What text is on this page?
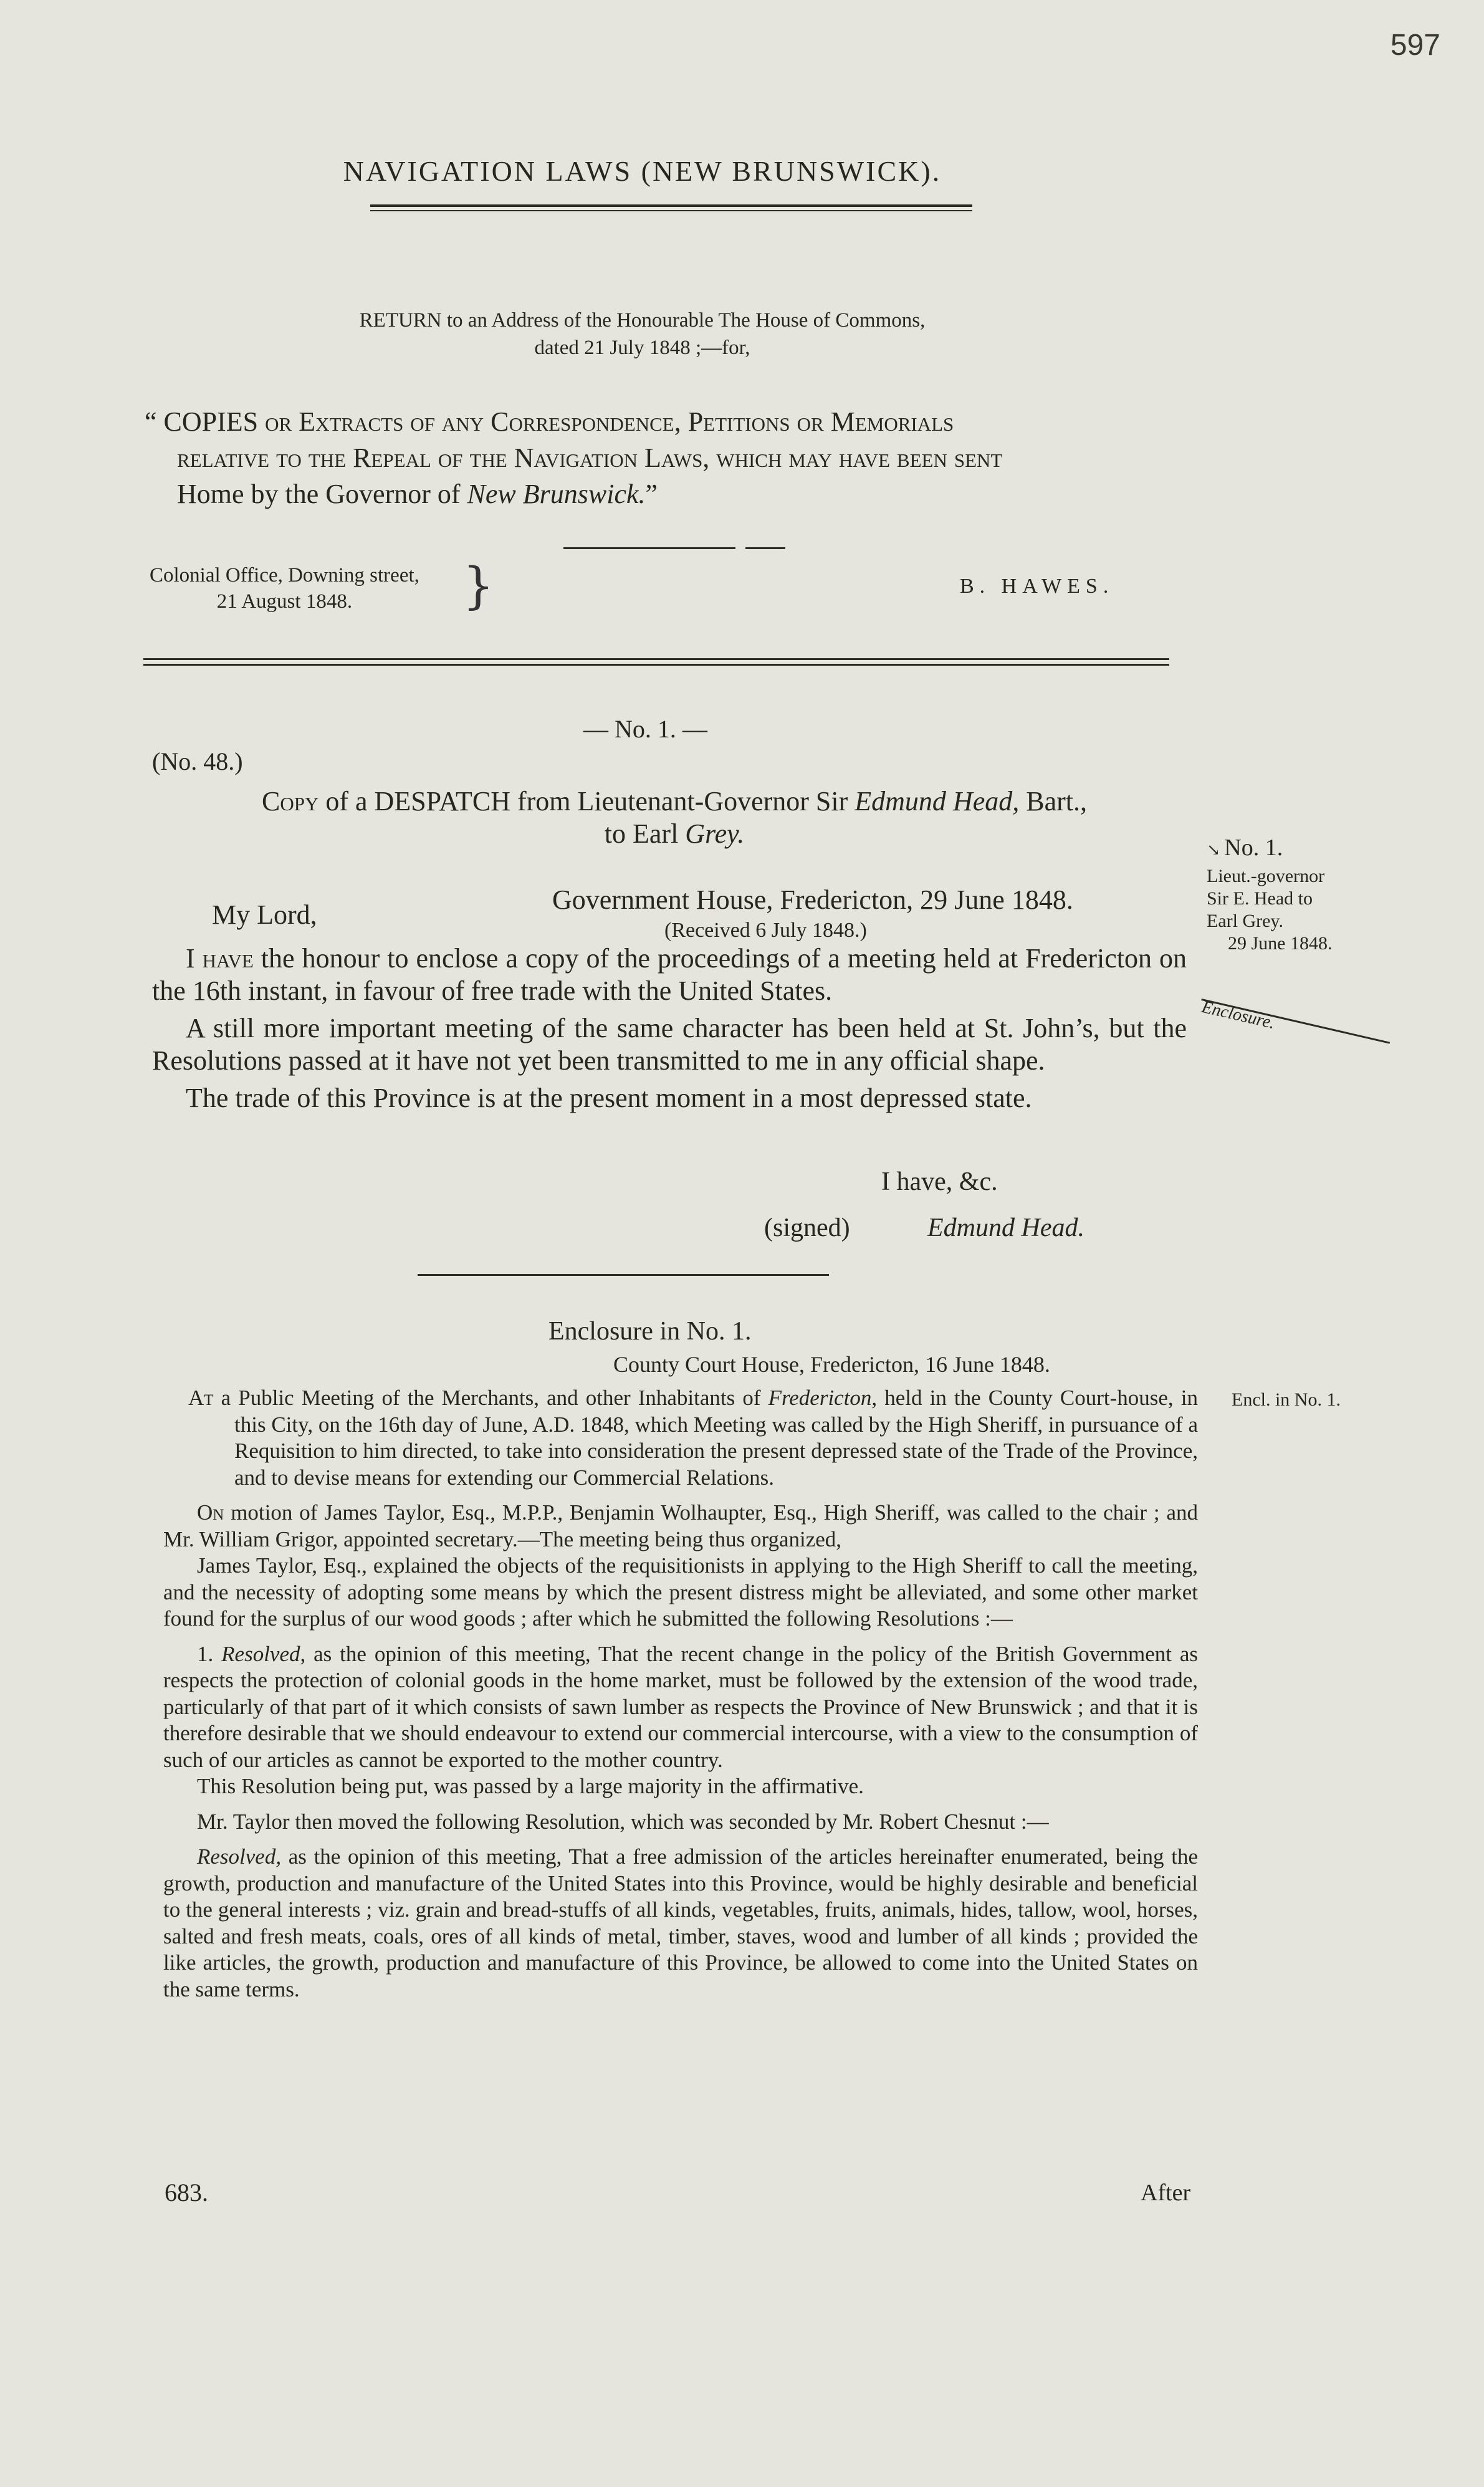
597
NAVIGATION LAWS (NEW BRUNSWICK).
RETURN to an Address of the Honourable The House of Commons,
dated 21 July 1848 ;—for,
“ COPIES or Extracts of any Correspondence, Petitions or Memorials
relative to the Repeal of the Navigation Laws, which may have been sent
Home by the Governor of New Brunswick.”
Colonial Office, Downing street,
21 August 1848.	}	B. HAWES.
— No. 1. —
(No. 48.)
Copy of a DESPATCH from Lieutenant-Governor Sir Edmund Head, Bart.,
to Earl Grey.
My Lord,	Government House, Fredericton, 29 June 1848.
(Received 6 July 1848.)

I have the honour to enclose a copy of the proceedings of a meeting held at Fredericton on the 16th instant, in favour of free trade with the United States.

A still more important meeting of the same character has been held at St. John’s, but the Resolutions passed at it have not yet been transmitted to me in any official shape.

The trade of this Province is at the present moment in a most depressed state.

I have, &c.
(signed)	Edmund Head.
↘ No. 1.
Lieut.-governor
Sir E. Head to
Earl Grey.
29 June 1848.
Enclosure.
Enclosure in No. 1.
County Court House, Fredericton, 16 June 1848.
Encl. in No. 1.

At a Public Meeting of the Merchants, and other Inhabitants of Fredericton, held in the County Court-house, in this City, on the 16th day of June, A.D. 1848, which Meeting was called by the High Sheriff, in pursuance of a Requisition to him directed, to take into consideration the present depressed state of the Trade of the Province, and to devise means for extending our Commercial Relations.

On motion of James Taylor, Esq., M.P.P., Benjamin Wolhaupter, Esq., High Sheriff, was called to the chair ; and Mr. William Grigor, appointed secretary.—The meeting being thus organized,

James Taylor, Esq., explained the objects of the requisitionists in applying to the High Sheriff to call the meeting, and the necessity of adopting some means by which the present distress might be alleviated, and some other market found for the surplus of our wood goods ; after which he submitted the following Resolutions :—

1. Resolved, as the opinion of this meeting, That the recent change in the policy of the British Government as respects the protection of colonial goods in the home market, must be followed by the extension of the wood trade, particularly of that part of it which consists of sawn lumber as respects the Province of New Brunswick ; and that it is therefore desirable that we should endeavour to extend our commercial intercourse, with a view to the consumption of such of our articles as cannot be exported to the mother country.

This Resolution being put, was passed by a large majority in the affirmative.

Mr. Taylor then moved the following Resolution, which was seconded by Mr. Robert Chesnut :—

Resolved, as the opinion of this meeting, That a free admission of the articles hereinafter enumerated, being the growth, production and manufacture of the United States into this Province, would be highly desirable and beneficial to the general interests ; viz. grain and bread-stuffs of all kinds, vegetables, fruits, animals, hides, tallow, wool, horses, salted and fresh meats, coals, ores of all kinds of metal, timber, staves, wood and lumber of all kinds ; provided the like articles, the growth, production and manufacture of this Province, be allowed to come into the United States on the same terms.

683.	After
